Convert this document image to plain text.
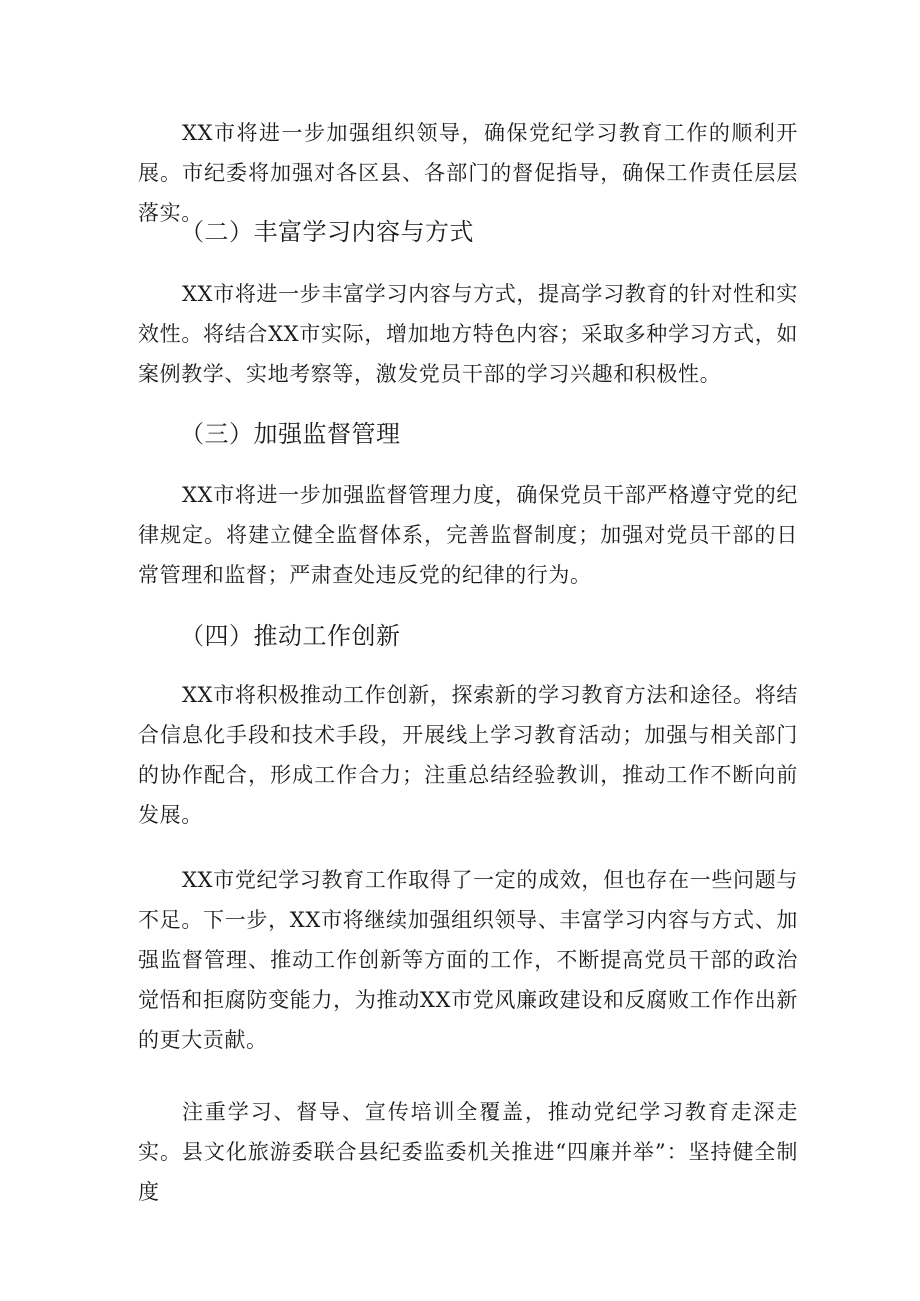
XX市将进一步加强组织领导，确保党纪学习教育工作的顺利开展。市纪委将加强对各区县、各部门的督促指导，确保工作责任层层落实。

（二）丰富学习内容与方式

XX市将进一步丰富学习内容与方式，提高学习教育的针对性和实效性。将结合XX市实际，增加地方特色内容；采取多种学习方式，如案例教学、实地考察等，激发党员干部的学习兴趣和积极性。

（三）加强监督管理

XX市将进一步加强监督管理力度，确保党员干部严格遵守党的纪律规定。将建立健全监督体系，完善监督制度；加强对党员干部的日常管理和监督；严肃查处违反党的纪律的行为。

（四）推动工作创新

XX市将积极推动工作创新，探索新的学习教育方法和途径。将结合信息化手段和技术手段，开展线上学习教育活动；加强与相关部门的协作配合，形成工作合力；注重总结经验教训，推动工作不断向前发展。

XX市党纪学习教育工作取得了一定的成效，但也存在一些问题与不足。下一步，XX市将继续加强组织领导、丰富学习内容与方式、加强监督管理、推动工作创新等方面的工作，不断提高党员干部的政治觉悟和拒腐防变能力，为推动XX市党风廉政建设和反腐败工作作出新的更大贡献。

注重学习、督导、宣传培训全覆盖，推动党纪学习教育走深走实。县文化旅游委联合县纪委监委机关推进“四廉并举”：坚持健全制度
